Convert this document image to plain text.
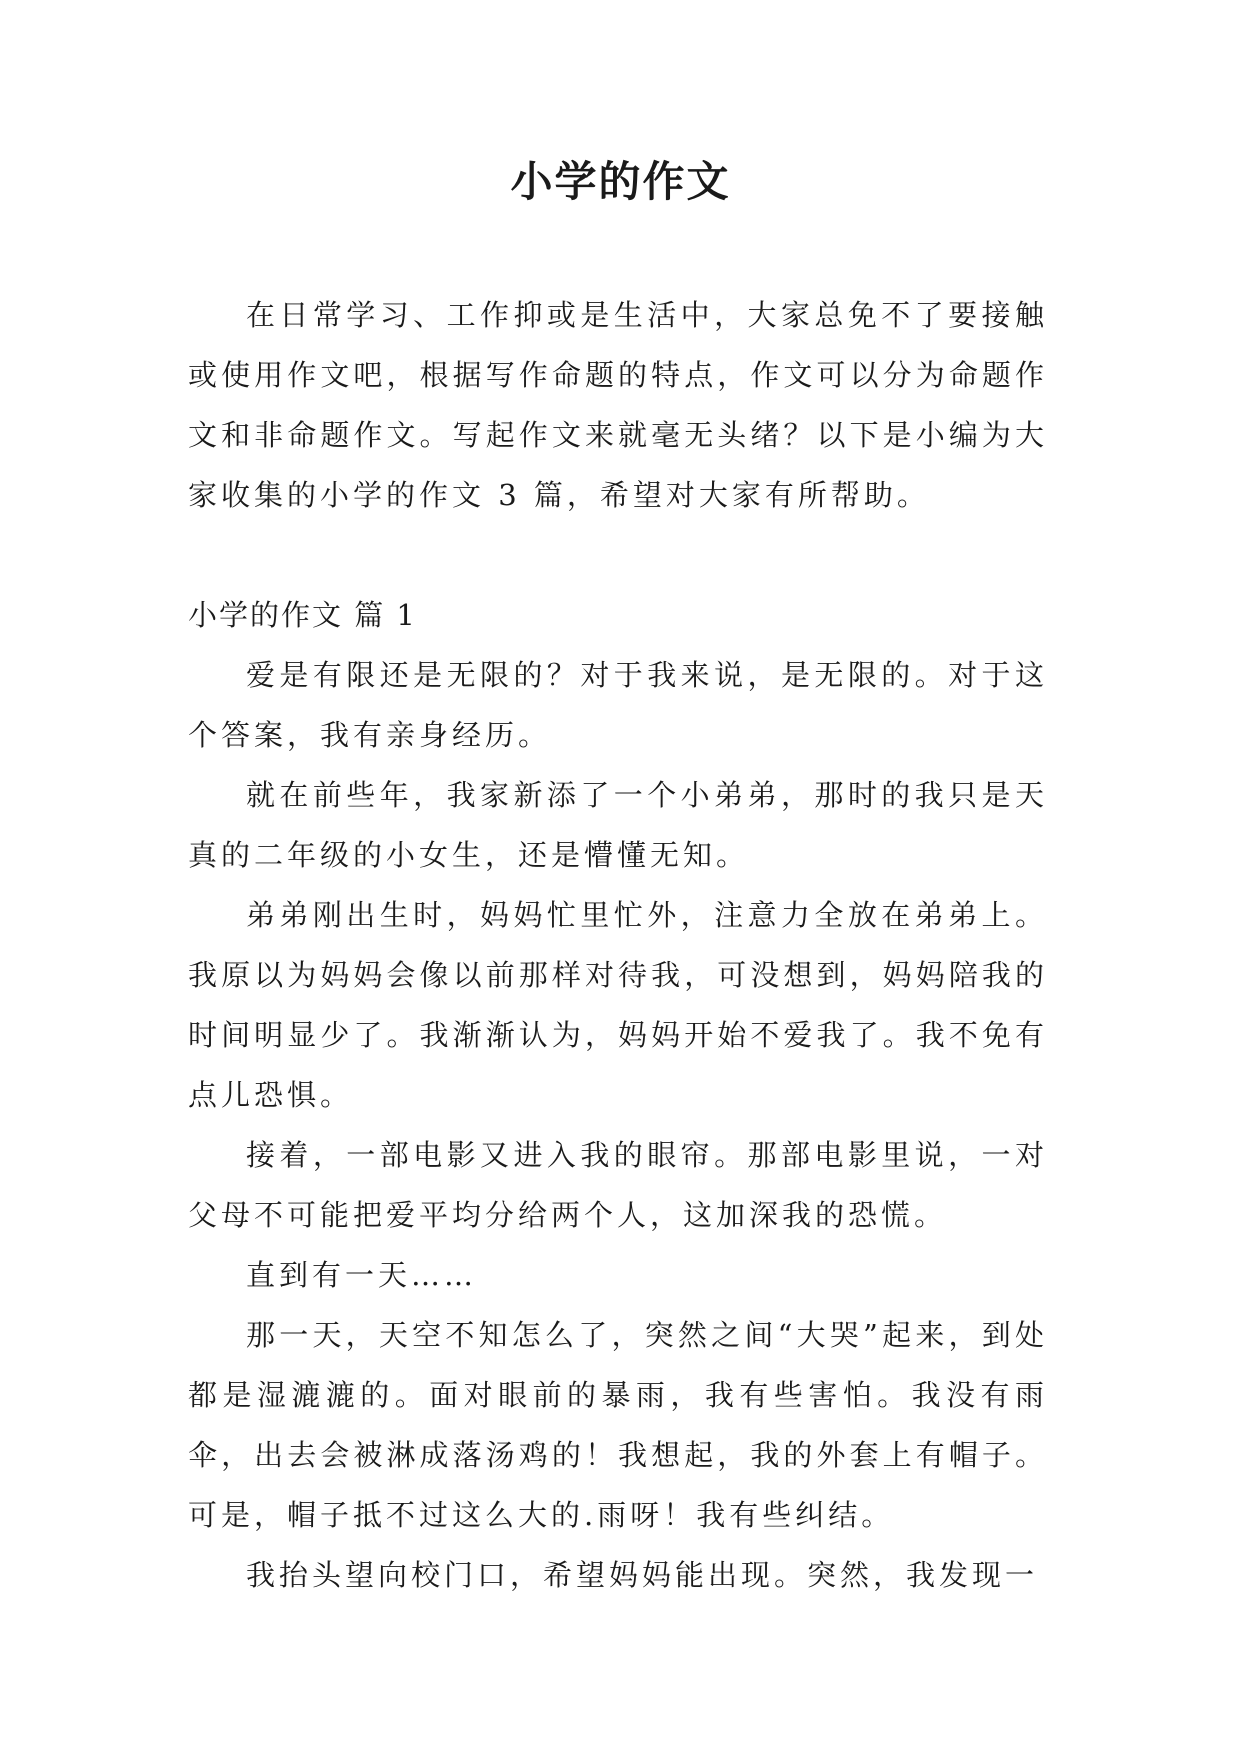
小学的作文

在日常学习、工作抑或是生活中，大家总免不了要接触或使用作文吧，根据写作命题的特点，作文可以分为命题作文和非命题作文。写起作文来就毫无头绪？以下是小编为大家收集的小学的作文 3 篇，希望对大家有所帮助。

小学的作文 篇 1

爱是有限还是无限的？对于我来说，是无限的。对于这个答案，我有亲身经历。

就在前些年，我家新添了一个小弟弟，那时的我只是天真的二年级的小女生，还是懵懂无知。

弟弟刚出生时，妈妈忙里忙外，注意力全放在弟弟上。我原以为妈妈会像以前那样对待我，可没想到，妈妈陪我的时间明显少了。我渐渐认为，妈妈开始不爱我了。我不免有点儿恐惧。

接着，一部电影又进入我的眼帘。那部电影里说，一对父母不可能把爱平均分给两个人，这加深我的恐慌。

直到有一天……

那一天，天空不知怎么了，突然之间“大哭”起来，到处都是湿漉漉的。面对眼前的暴雨，我有些害怕。我没有雨伞，出去会被淋成落汤鸡的！我想起，我的外套上有帽子。可是，帽子抵不过这么大的.雨呀！我有些纠结。

我抬头望向校门口，希望妈妈能出现。突然，我发现一
